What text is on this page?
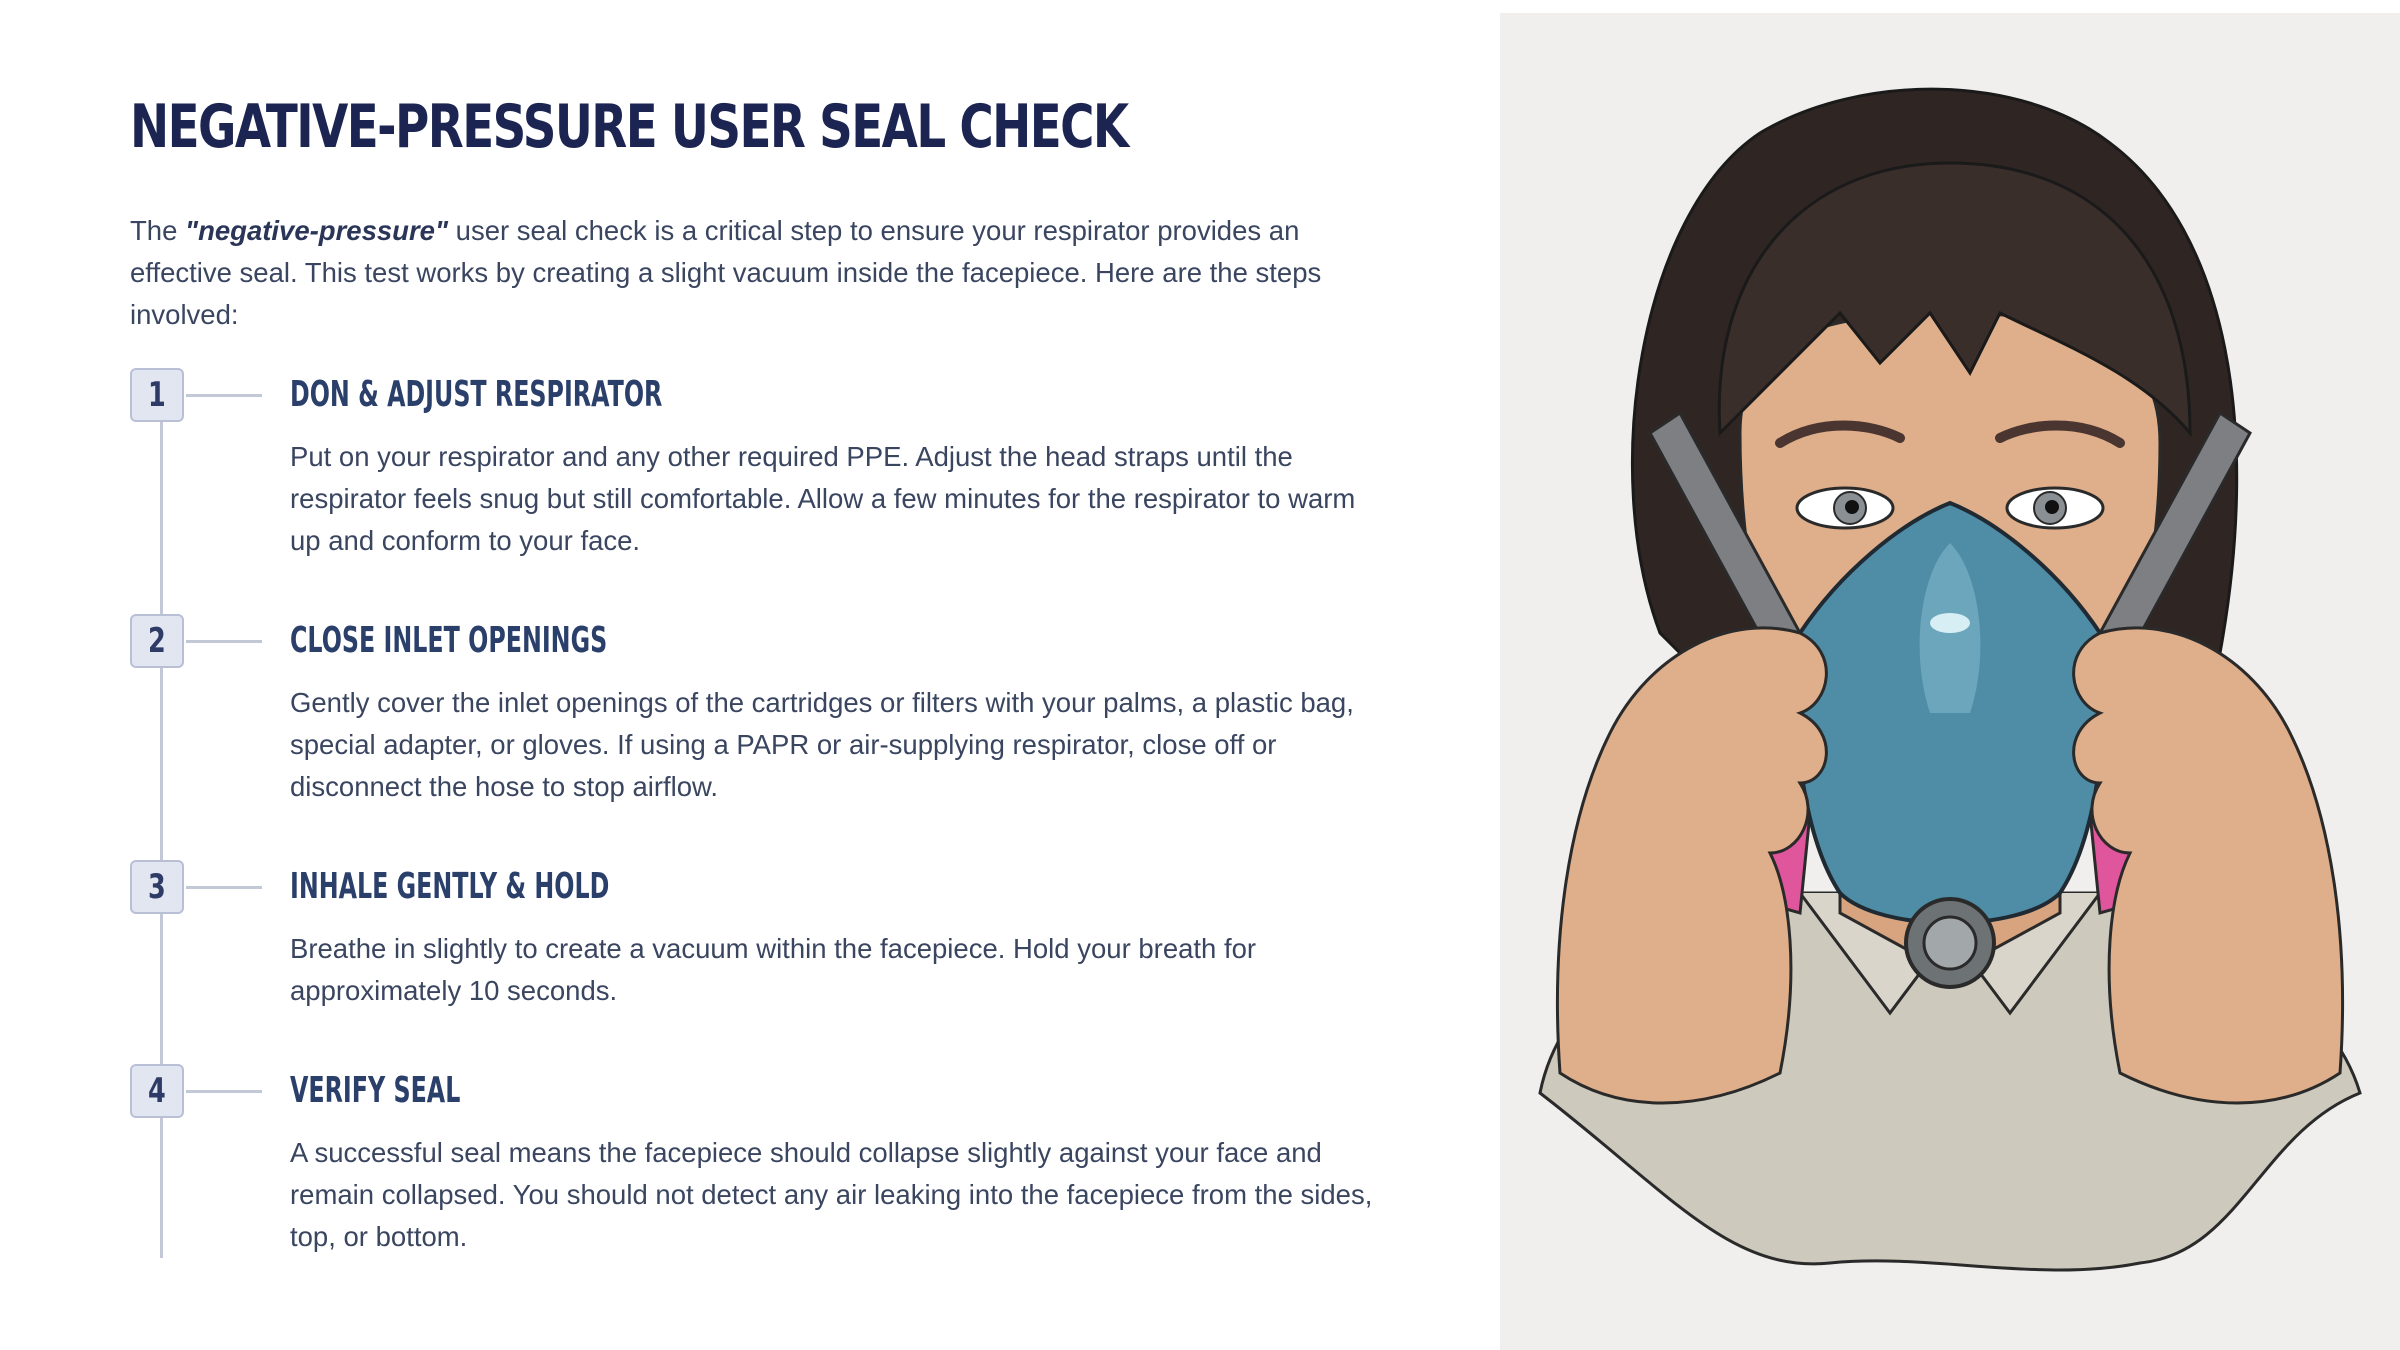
NEGATIVE-PRESSURE USER SEAL CHECK

The "negative-pressure" user seal check is a critical step to ensure your respirator provides an effective seal. This test works by creating a slight vacuum inside the facepiece. Here are the steps involved:

1	DON & ADJUST RESPIRATOR

Put on your respirator and any other required PPE. Adjust the head straps until the respirator feels snug but still comfortable. Allow a few minutes for the respirator to warm up and conform to your face.

2	CLOSE INLET OPENINGS

Gently cover the inlet openings of the cartridges or filters with your palms, a plastic bag, special adapter, or gloves. If using a PAPR or air-supplying respirator, close off or disconnect the hose to stop airflow.

3	INHALE GENTLY & HOLD

Breathe in slightly to create a vacuum within the facepiece. Hold your breath for approximately 10 seconds.

4	VERIFY SEAL

A successful seal means the facepiece should collapse slightly against your face and remain collapsed. You should not detect any air leaking into the facepiece from the sides, top, or bottom.
